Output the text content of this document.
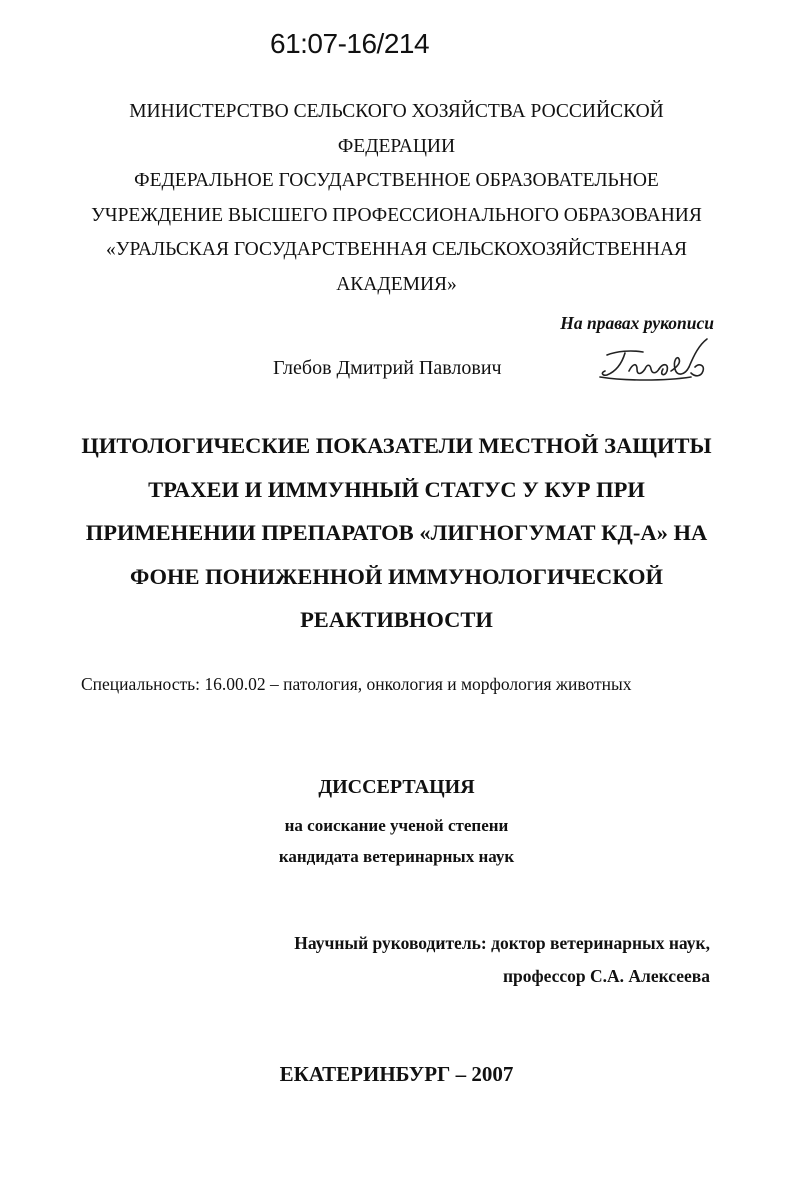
61:07-16/214
МИНИСТЕРСТВО СЕЛЬСКОГО ХОЗЯЙСТВА РОССИЙСКОЙ
ФЕДЕРАЦИИ
ФЕДЕРАЛЬНОЕ ГОСУДАРСТВЕННОЕ ОБРАЗОВАТЕЛЬНОЕ
УЧРЕЖДЕНИЕ ВЫСШЕГО ПРОФЕССИОНАЛЬНОГО ОБРАЗОВАНИЯ
«УРАЛЬСКАЯ ГОСУДАРСТВЕННАЯ СЕЛЬСКОХОЗЯЙСТВЕННАЯ
АКАДЕМИЯ»
На правах рукописи
Глебов Дмитрий Павлович
ЦИТОЛОГИЧЕСКИЕ ПОКАЗАТЕЛИ МЕСТНОЙ ЗАЩИТЫ
ТРАХЕИ И ИММУННЫЙ СТАТУС У КУР ПРИ
ПРИМЕНЕНИИ ПРЕПАРАТОВ «ЛИГНОГУМАТ КД-А» НА
ФОНЕ ПОНИЖЕННОЙ ИММУНОЛОГИЧЕСКОЙ
РЕАКТИВНОСТИ
Специальность: 16.00.02 – патология, онкология и морфология животных
ДИССЕРТАЦИЯ
на соискание ученой степени
кандидата ветеринарных наук
Научный руководитель: доктор ветеринарных наук,
профессор С.А. Алексеева
ЕКАТЕРИНБУРГ – 2007
